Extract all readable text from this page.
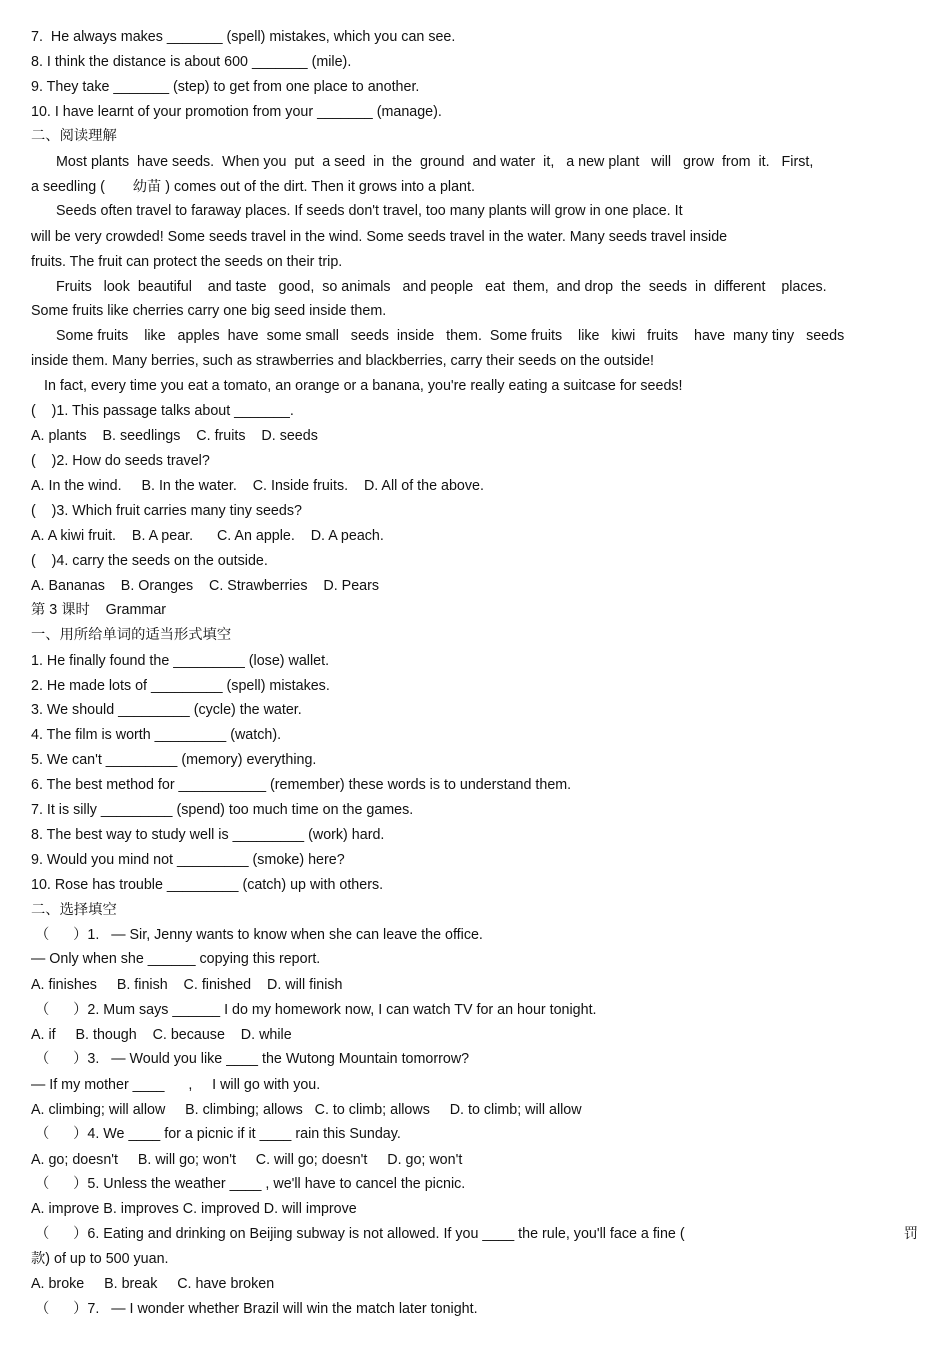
7.  He always makes _______ (spell) mistakes, which you can see.
8. I think the distance is about 600 _______ (mile).
9. They take _______ (step) to get from one place to another.
10. I have learnt of your promotion from your _______ (manage).
二、阅读理解
Most plants  have seeds.  When you  put  a seed  in  the  ground  and water  it,   a new plant   will   grow  from  it.   First,
a seedling (       幼苗 ) comes out of the dirt. Then it grows into a plant.
Seeds often travel to faraway places. If seeds don't travel, too many plants will grow in one place. It
will be very crowded! Some seeds travel in the wind. Some seeds travel in the water. Many seeds travel inside
fruits. The fruit can protect the seeds on their trip.
Fruits   look  beautiful    and taste   good,  so animals   and people   eat  them,  and drop  the  seeds  in  different    places.
Some fruits like cherries carry one big seed inside them.
Some fruits    like   apples  have  some small   seeds  inside   them.  Some fruits    like   kiwi   fruits    have  many tiny   seeds
inside them. Many berries, such as strawberries and blackberries, carry their seeds on the outside!
In fact, every time you eat a tomato, an orange or a banana, you're really eating a suitcase for seeds!
(    )1. This passage talks about _______.
A. plants    B. seedlings    C. fruits    D. seeds
(    )2. How do seeds travel?
A. In the wind.     B. In the water.    C. Inside fruits.    D. All of the above.
(    )3. Which fruit carries many tiny seeds?
A. A kiwi fruit.    B. A pear.      C. An apple.    D. A peach.
(    )4. carry the seeds on the outside.
A. Bananas    B. Oranges    C. Strawberries    D. Pears
第 3 课时    Grammar
一、用所给单词的适当形式填空
1. He finally found the _________ (lose) wallet.
2. He made lots of _________ (spell) mistakes.
3. We should _________ (cycle) the water.
4. The film is worth _________ (watch).
5. We can't _________ (memory) everything.
6. The best method for ___________ (remember) these words is to understand them.
7. It is silly _________ (spend) too much time on the games.
8. The best way to study well is _________ (work) hard.
9. Would you mind not _________ (smoke) here?
10. Rose has trouble _________ (catch) up with others.
二、选择填空
（      ）1.   — Sir, Jenny wants to know when she can leave the office.
— Only when she ______ copying this report.
A. finishes     B. finish    C. finished    D. will finish
（      ）2. Mum says ______ I do my homework now, I can watch TV for an hour tonight.
A. if     B. though    C. because    D. while
（      ）3.   — Would you like ____ the Wutong Mountain tomorrow?
— If my mother ____      ,     I will go with you.
A. climbing; will allow     B. climbing; allows   C. to climb; allows     D. to climb; will allow
（      ）4. We ____ for a picnic if it ____ rain this Sunday.
A. go; doesn't     B. will go; won't     C. will go; doesn't     D. go; won't
（      ）5. Unless the weather ____ , we'll have to cancel the picnic.
A. improve B. improves C. improved D. will improve
（      ）6. Eating and drinking on Beijing subway is not allowed. If you ____ the rule, you'll face a fine (	罚
款) of up to 500 yuan.
A. broke     B. break     C. have broken
（      ）7.   — I wonder whether Brazil will win the match later tonight.
